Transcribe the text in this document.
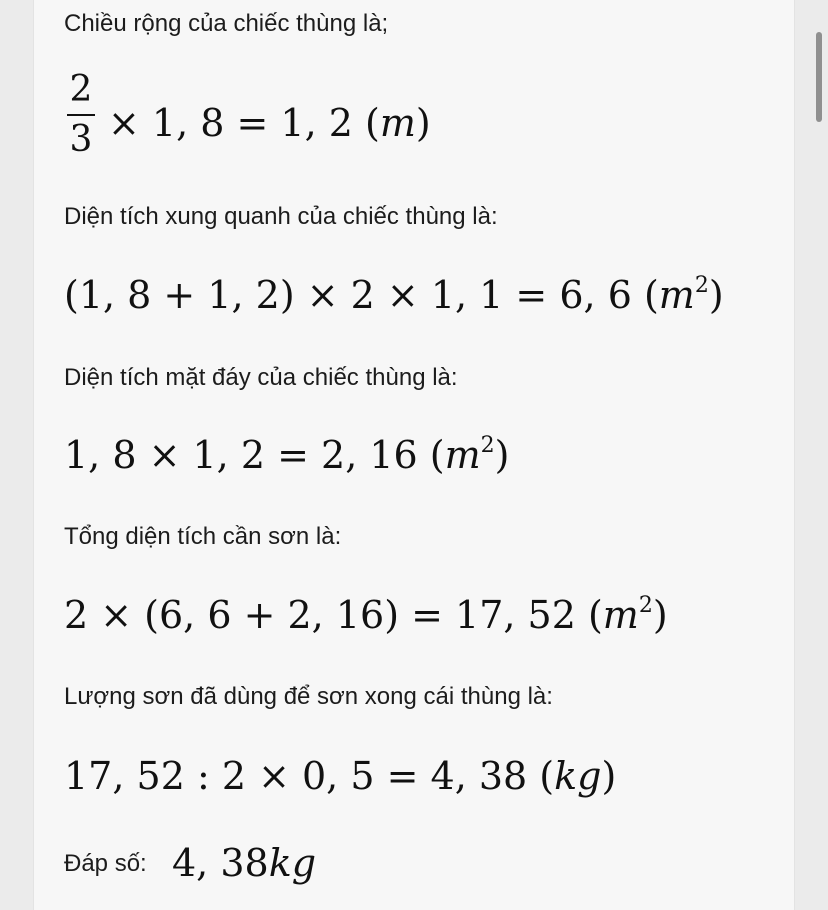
Chiều rộng của chiếc thùng là;
2
3 × 1, 8 = 1, 2 (m)
Diện tích xung quanh của chiếc thùng là:
(1, 8 + 1, 2) × 2 × 1, 1 = 6, 6 $(m^2)$
Diện tích mặt đáy của chiếc thùng là:
1, 8 × 1, 2 = 2, 16 $(m^2)$
Tổng diện tích cần sơn là:
2 × (6, 6 + 2, 16) = 17, 52 $(m^2)$
Lượng sơn đã dùng để sơn xong cái thùng là:
17, 52 : 2 × 0, 5 = 4, 38 (kg)
Đáp số: 4, 38kg
